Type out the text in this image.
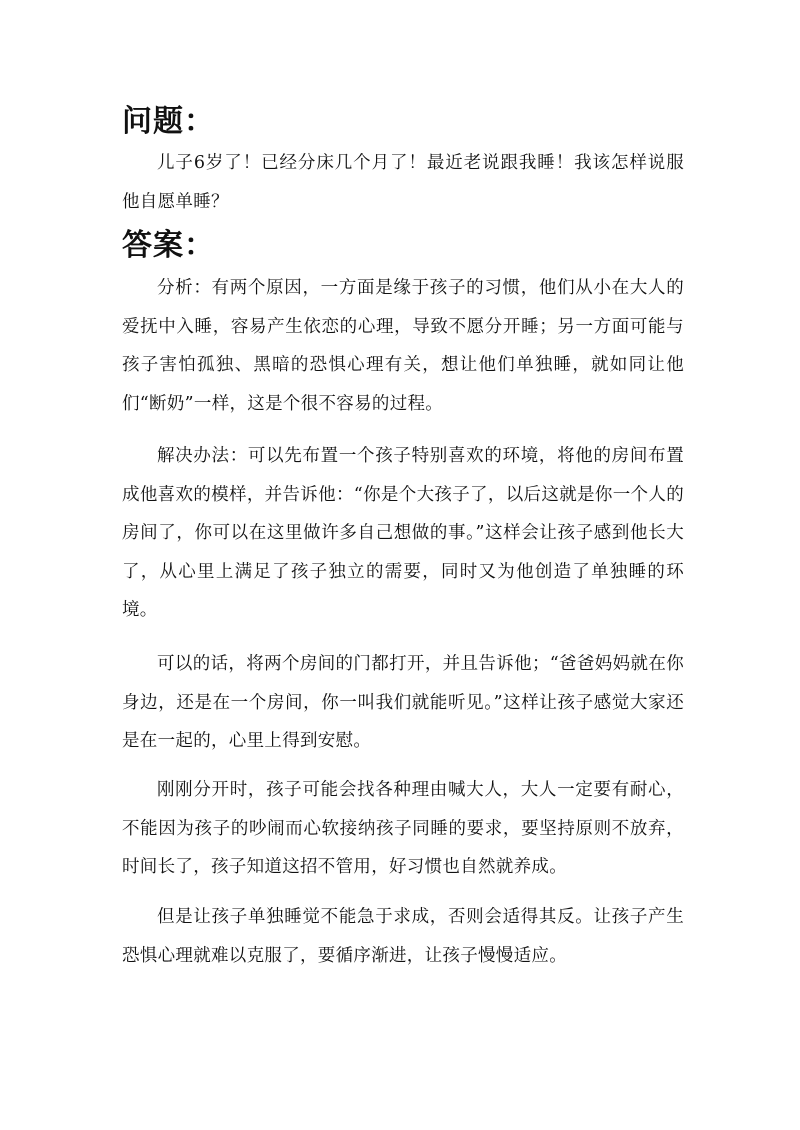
问题：

儿子6岁了！已经分床几个月了！最近老说跟我睡！我该怎样说服他自愿单睡？

答案：

分析：有两个原因，一方面是缘于孩子的习惯，他们从小在大人的爱抚中入睡，容易产生依恋的心理，导致不愿分开睡；另一方面可能与孩子害怕孤独、黑暗的恐惧心理有关，想让他们单独睡，就如同让他们“断奶”一样，这是个很不容易的过程。

解决办法：可以先布置一个孩子特别喜欢的环境，将他的房间布置成他喜欢的模样，并告诉他：“你是个大孩子了，以后这就是你一个人的房间了，你可以在这里做许多自己想做的事。”这样会让孩子感到他长大了，从心里上满足了孩子独立的需要，同时又为他创造了单独睡的环境。

可以的话，将两个房间的门都打开，并且告诉他；“爸爸妈妈就在你身边，还是在一个房间，你一叫我们就能听见。”这样让孩子感觉大家还是在一起的，心里上得到安慰。

刚刚分开时，孩子可能会找各种理由喊大人，大人一定要有耐心，不能因为孩子的吵闹而心软接纳孩子同睡的要求，要坚持原则不放弃，时间长了，孩子知道这招不管用，好习惯也自然就养成。

但是让孩子单独睡觉不能急于求成，否则会适得其反。让孩子产生恐惧心理就难以克服了，要循序渐进，让孩子慢慢适应。
